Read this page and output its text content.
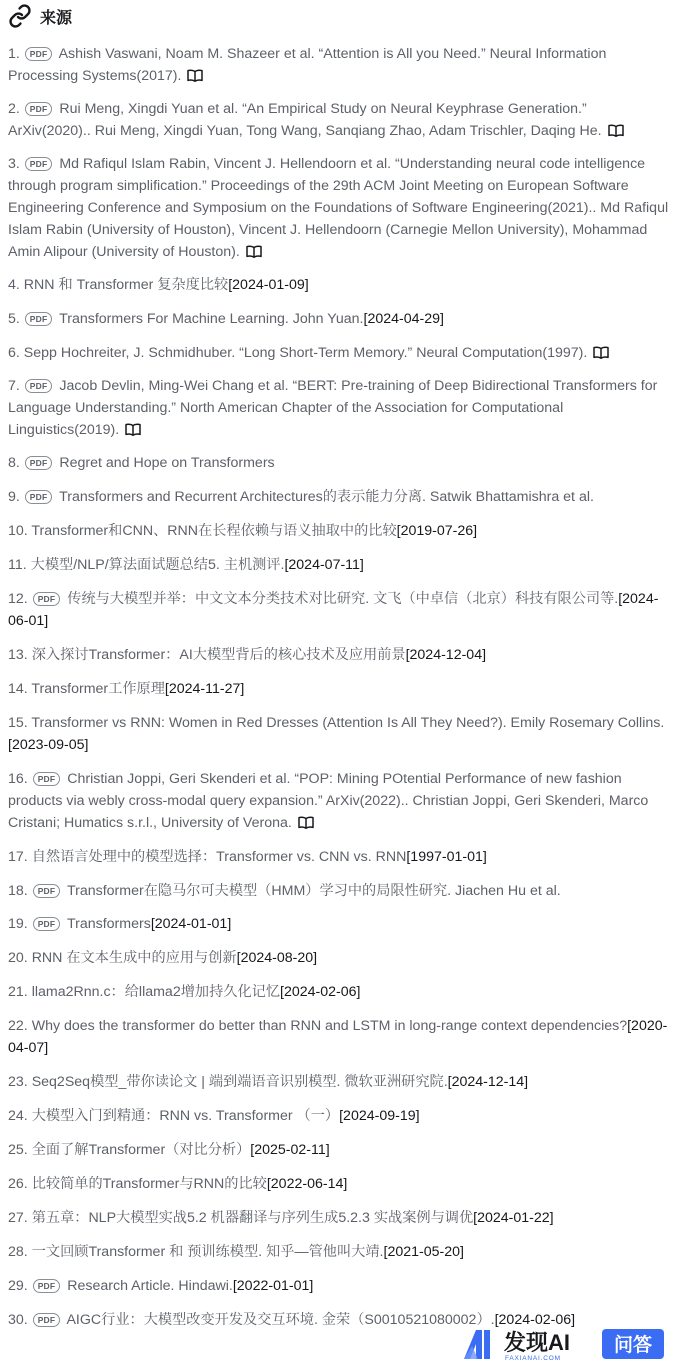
来源
1. PDF Ashish Vaswani, Noam M. Shazeer et al. “Attention is All you Need.” Neural Information Processing Systems(2017).
2. PDF Rui Meng, Xingdi Yuan et al. “An Empirical Study on Neural Keyphrase Generation.” ArXiv(2020).. Rui Meng, Xingdi Yuan, Tong Wang, Sanqiang Zhao, Adam Trischler, Daqing He.
3. PDF Md Rafiqul Islam Rabin, Vincent J. Hellendoorn et al. “Understanding neural code intelligence through program simplification.” Proceedings of the 29th ACM Joint Meeting on European Software Engineering Conference and Symposium on the Foundations of Software Engineering(2021).. Md Rafiqul Islam Rabin (University of Houston), Vincent J. Hellendoorn (Carnegie Mellon University), Mohammad Amin Alipour (University of Houston).
4. RNN 和 Transformer 复杂度比较[2024-01-09]
5. PDF Transformers For Machine Learning. John Yuan.[2024-04-29]
6. Sepp Hochreiter, J. Schmidhuber. “Long Short-Term Memory.” Neural Computation(1997).
7. PDF Jacob Devlin, Ming-Wei Chang et al. “BERT: Pre-training of Deep Bidirectional Transformers for Language Understanding.” North American Chapter of the Association for Computational Linguistics(2019).
8. PDF Regret and Hope on Transformers
9. PDF Transformers and Recurrent Architectures的表示能力分离. Satwik Bhattamishra et al.
10. Transformer和CNN、RNN在长程依赖与语义抽取中的比较[2019-07-26]
11. 大模型/NLP/算法面试题总结5. 主机测评.[2024-07-11]
12. PDF 传统与大模型并举：中文文本分类技术对比研究. 文飞（中卓信（北京）科技有限公司等.[2024-06-01]
13. 深入探讨Transformer：AI大模型背后的核心技术及应用前景[2024-12-04]
14. Transformer工作原理[2024-11-27]
15. Transformer vs RNN: Women in Red Dresses (Attention Is All They Need?). Emily Rosemary Collins.[2023-09-05]
16. PDF Christian Joppi, Geri Skenderi et al. “POP: Mining POtential Performance of new fashion products via webly cross-modal query expansion.” ArXiv(2022).. Christian Joppi, Geri Skenderi, Marco Cristani; Humatics s.r.l., University of Verona.
17. 自然语言处理中的模型选择：Transformer vs. CNN vs. RNN[1997-01-01]
18. PDF Transformer在隐马尔可夫模型（HMM）学习中的局限性研究. Jiachen Hu et al.
19. PDF Transformers[2024-01-01]
20. RNN 在文本生成中的应用与创新[2024-08-20]
21. llama2Rnn.c：给llama2增加持久化记忆[2024-02-06]
22. Why does the transformer do better than RNN and LSTM in long-range context dependencies?[2020-04-07]
23. Seq2Seq模型_带你读论文 | 端到端语音识别模型. 微软亚洲研究院.[2024-12-14]
24. 大模型入门到精通：RNN vs. Transformer （一）[2024-09-19]
25. 全面了解Transformer（对比分析）[2025-02-11]
26. 比较简单的Transformer与RNN的比较[2022-06-14]
27. 第五章：NLP大模型实战5.2 机器翻译与序列生成5.2.3 实战案例与调优[2024-01-22]
28. 一文回顾Transformer 和 预训练模型. 知乎—管他叫大靖.[2021-05-20]
29. PDF Research Article. Hindawi.[2022-01-01]
30. PDF AIGC行业：大模型改变开发及交互环境. 金荣（S0010521080002）.[2024-02-06]
发现AI
FAXIANAI.COM
问答
